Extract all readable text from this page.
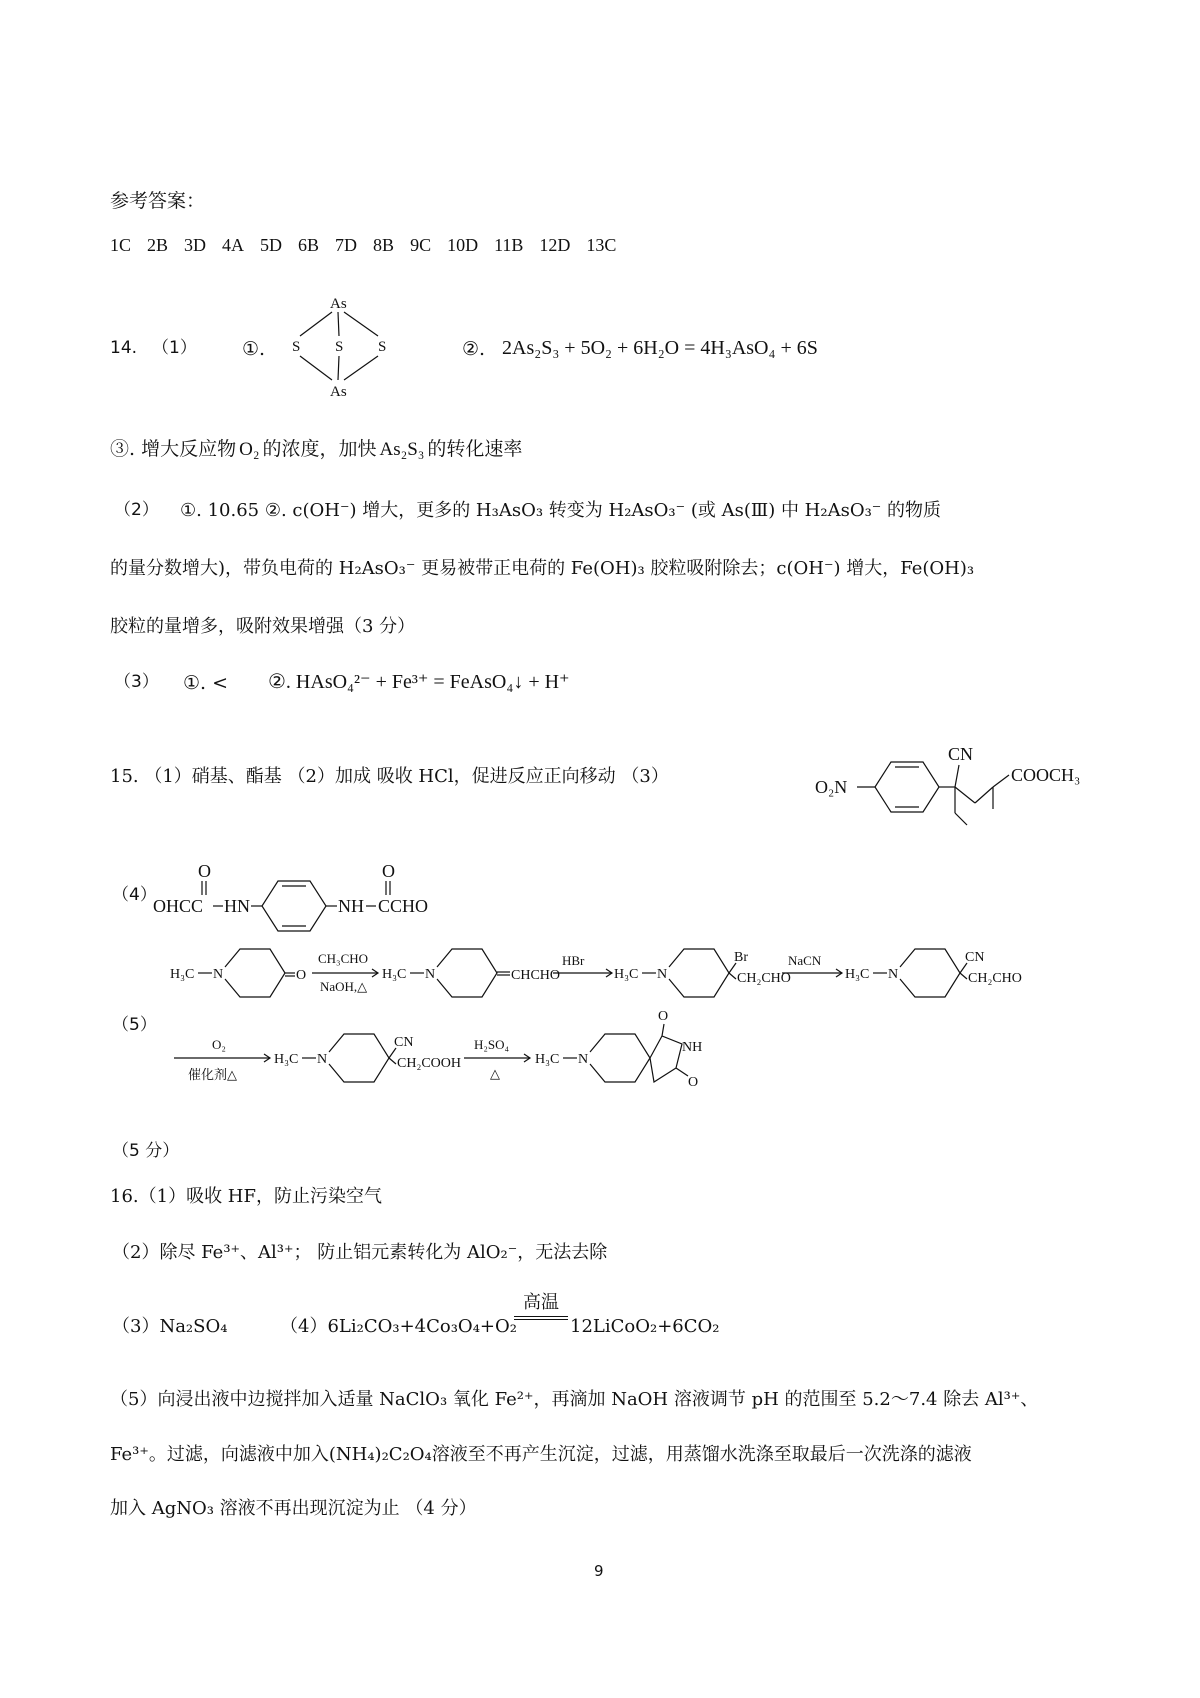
参考答案：
1C 2B 3D 4A 5D 6B 7D 8B 9C 10D 11B 12D 13C
14. （1） ①.
As
As
S S S	②. 2As₂S₃ + 5O₂ + 6H₂O = 4H₃AsO₄ + 6S
③. 增大反应物 O₂ 的浓度，加快 As₂S₃ 的转化速率
（2） ①. 10.65 ②. c(OH⁻) 增大，更多的 H₃AsO₃ 转变为 H₂AsO₃⁻ (或 As(Ⅲ) 中 H₂AsO₃⁻ 的物质
的量分数增大)，带负电荷的 H₂AsO₃⁻ 更易被带正电荷的 Fe(OH)₃ 胶粒吸附除去；c(OH⁻) 增大，Fe(OH)₃
胶粒的量增多，吸附效果增强（3 分）
（3） ①. < ②. HAsO₄²⁻ + Fe³⁺ = FeAsO₄↓ + H⁺
15. （1）硝基、酯基 （2）加成 吸收 HCl，促进反应正向移动 （3）	O₂N
CN
COOCH₃
（4）
O
OHCC HN	NH
O
CCHO
（5）
H₃C N	O
CH₃CHO
NaOH,△
H₃C N	CHCHO
HBr
H₃C N
Br
CH₂CHO
NaCN
H₃C N
CN
CH₂CHO
O₂
催化剂△
H₃C N
CN
CH₂COOH
H₂SO₄
△
H₃C N
O
NH
O
（5 分）
16.（1）吸收 HF，防止污染空气
（2）除尽 Fe³⁺、Al³⁺； 防止铝元素转化为 AlO₂⁻，无法去除
（3）Na₂SO₄	（4）6Li₂CO₃+4Co₃O₄+O₂
高温
12LiCoO₂+6CO₂
（5）向浸出液中边搅拌加入适量 NaClO₃ 氧化 Fe²⁺，再滴加 NaOH 溶液调节 pH 的范围至 5.2～7.4 除去 Al³⁺、
Fe³⁺。过滤，向滤液中加入(NH₄)₂C₂O₄溶液至不再产生沉淀，过滤，用蒸馏水洗涤至取最后一次洗涤的滤液
加入 AgNO₃ 溶液不再出现沉淀为止 （4 分）
9
